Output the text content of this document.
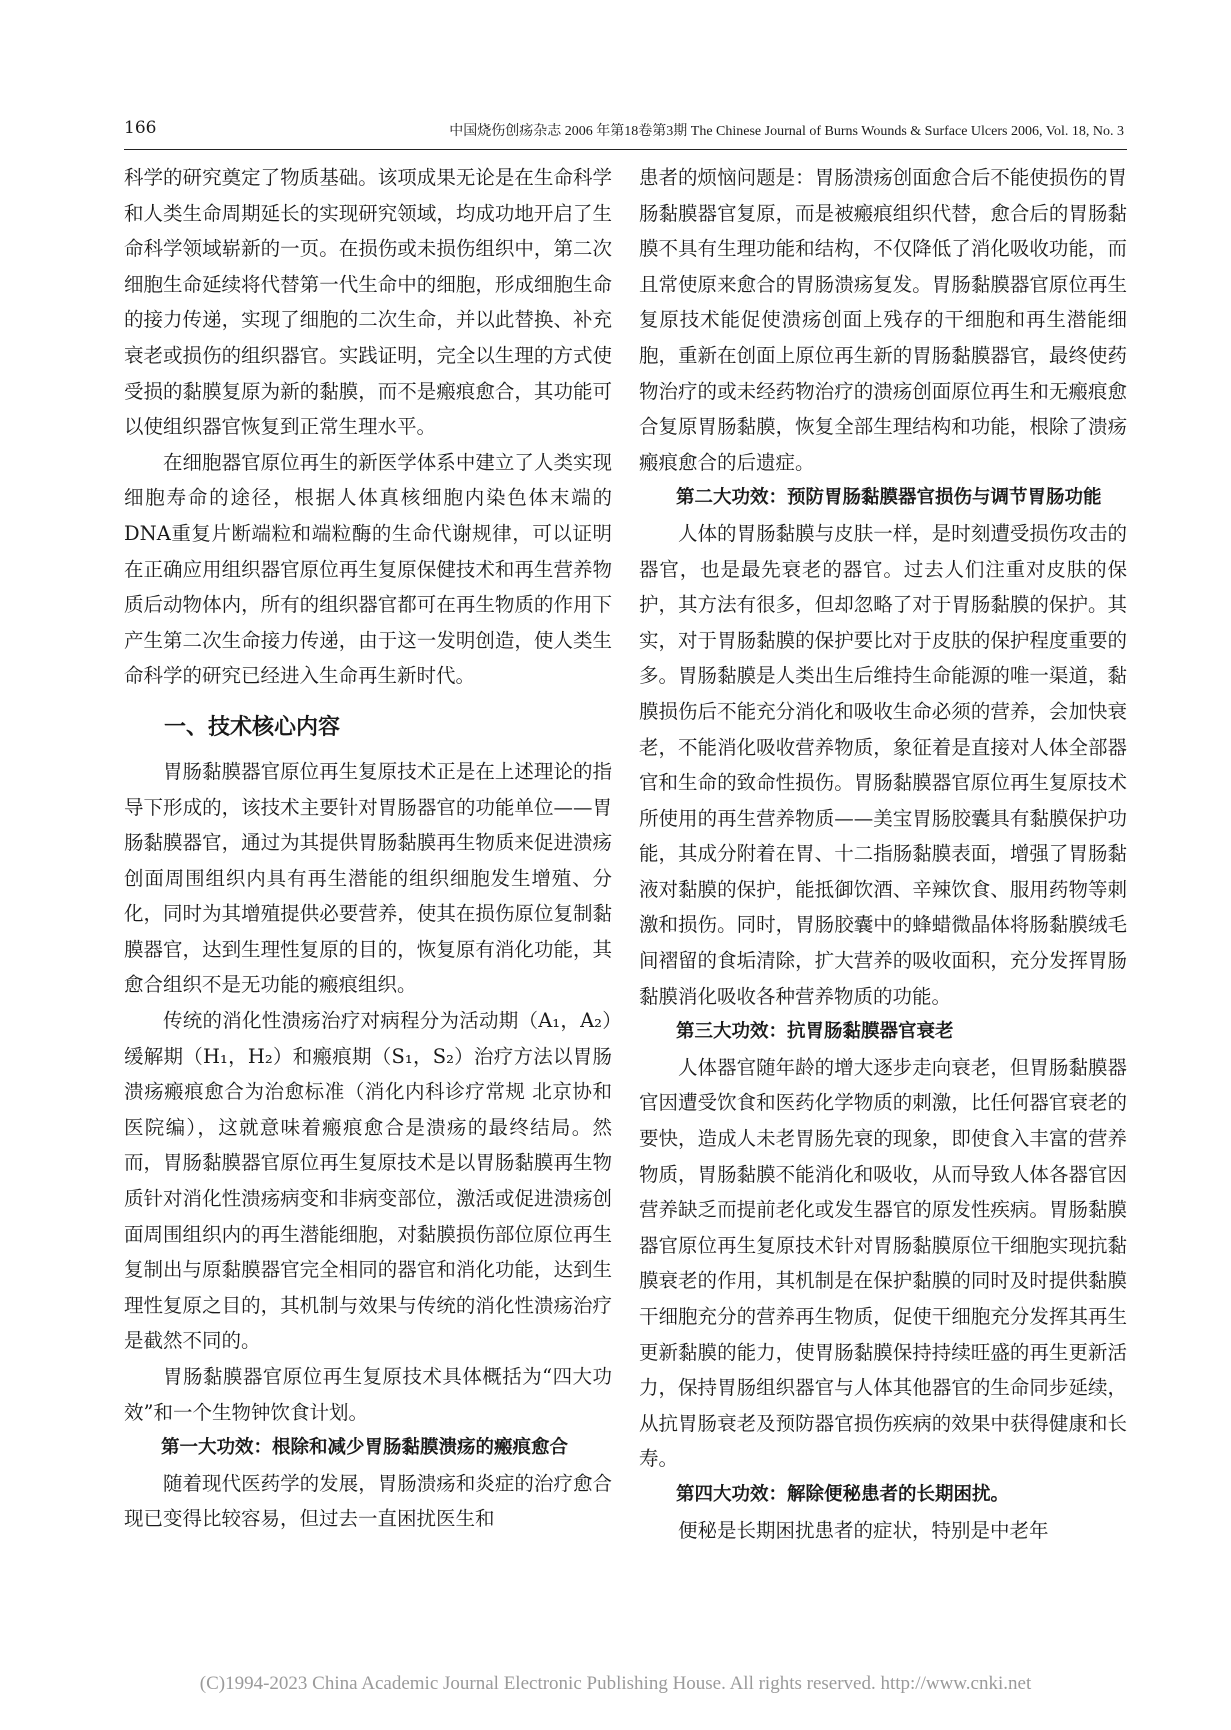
166	中国烧伤创疡杂志 2006 年第18卷第3期 The Chinese Journal of Burns Wounds & Surface Ulcers 2006, Vol. 18, No. 3

科学的研究奠定了物质基础。该项成果无论是在生命科学和人类生命周期延长的实现研究领域，均成功地开启了生命科学领域崭新的一页。在损伤或未损伤组织中，第二次细胞生命延续将代替第一代生命中的细胞，形成细胞生命的接力传递，实现了细胞的二次生命，并以此替换、补充衰老或损伤的组织器官。实践证明，完全以生理的方式使受损的黏膜复原为新的黏膜，而不是瘢痕愈合，其功能可以使组织器官恢复到正常生理水平。

在细胞器官原位再生的新医学体系中建立了人类实现细胞寿命的途径，根据人体真核细胞内染色体末端的DNA重复片断端粒和端粒酶的生命代谢规律，可以证明在正确应用组织器官原位再生复原保健技术和再生营养物质后动物体内，所有的组织器官都可在再生物质的作用下产生第二次生命接力传递，由于这一发明创造，使人类生命科学的研究已经进入生命再生新时代。

一、技术核心内容

胃肠黏膜器官原位再生复原技术正是在上述理论的指导下形成的，该技术主要针对胃肠器官的功能单位——胃肠黏膜器官，通过为其提供胃肠黏膜再生物质来促进溃疡创面周围组织内具有再生潜能的组织细胞发生增殖、分化，同时为其增殖提供必要营养，使其在损伤原位复制黏膜器官，达到生理性复原的目的，恢复原有消化功能，其愈合组织不是无功能的瘢痕组织。

传统的消化性溃疡治疗对病程分为活动期（A₁，A₂）缓解期（H₁，H₂）和瘢痕期（S₁，S₂）治疗方法以胃肠溃疡瘢痕愈合为治愈标准（消化内科诊疗常规 北京协和医院编），这就意味着瘢痕愈合是溃疡的最终结局。然而，胃肠黏膜器官原位再生复原技术是以胃肠黏膜再生物质针对消化性溃疡病变和非病变部位，激活或促进溃疡创面周围组织内的再生潜能细胞，对黏膜损伤部位原位再生复制出与原黏膜器官完全相同的器官和消化功能，达到生理性复原之目的，其机制与效果与传统的消化性溃疡治疗是截然不同的。

胃肠黏膜器官原位再生复原技术具体概括为“四大功效”和一个生物钟饮食计划。

第一大功效：根除和减少胃肠黏膜溃疡的瘢痕愈合

随着现代医药学的发展，胃肠溃疡和炎症的治疗愈合现已变得比较容易，但过去一直困扰医生和

患者的烦恼问题是：胃肠溃疡创面愈合后不能使损伤的胃肠黏膜器官复原，而是被瘢痕组织代替，愈合后的胃肠黏膜不具有生理功能和结构，不仅降低了消化吸收功能，而且常使原来愈合的胃肠溃疡复发。胃肠黏膜器官原位再生复原技术能促使溃疡创面上残存的干细胞和再生潜能细胞，重新在创面上原位再生新的胃肠黏膜器官，最终使药物治疗的或未经药物治疗的溃疡创面原位再生和无瘢痕愈合复原胃肠黏膜，恢复全部生理结构和功能，根除了溃疡瘢痕愈合的后遗症。

第二大功效：预防胃肠黏膜器官损伤与调节胃肠功能

人体的胃肠黏膜与皮肤一样，是时刻遭受损伤攻击的器官，也是最先衰老的器官。过去人们注重对皮肤的保护，其方法有很多，但却忽略了对于胃肠黏膜的保护。其实，对于胃肠黏膜的保护要比对于皮肤的保护程度重要的多。胃肠黏膜是人类出生后维持生命能源的唯一渠道，黏膜损伤后不能充分消化和吸收生命必须的营养，会加快衰老，不能消化吸收营养物质，象征着是直接对人体全部器官和生命的致命性损伤。胃肠黏膜器官原位再生复原技术所使用的再生营养物质——美宝胃肠胶囊具有黏膜保护功能，其成分附着在胃、十二指肠黏膜表面，增强了胃肠黏液对黏膜的保护，能抵御饮酒、辛辣饮食、服用药物等刺激和损伤。同时，胃肠胶囊中的蜂蜡微晶体将肠黏膜绒毛间褶留的食垢清除，扩大营养的吸收面积，充分发挥胃肠黏膜消化吸收各种营养物质的功能。

第三大功效：抗胃肠黏膜器官衰老

人体器官随年龄的增大逐步走向衰老，但胃肠黏膜器官因遭受饮食和医药化学物质的刺激，比任何器官衰老的要快，造成人未老胃肠先衰的现象，即使食入丰富的营养物质，胃肠黏膜不能消化和吸收，从而导致人体各器官因营养缺乏而提前老化或发生器官的原发性疾病。胃肠黏膜器官原位再生复原技术针对胃肠黏膜原位干细胞实现抗黏膜衰老的作用，其机制是在保护黏膜的同时及时提供黏膜干细胞充分的营养再生物质，促使干细胞充分发挥其再生更新黏膜的能力，使胃肠黏膜保持持续旺盛的再生更新活力，保持胃肠组织器官与人体其他器官的生命同步延续，从抗胃肠衰老及预防器官损伤疾病的效果中获得健康和长寿。

第四大功效：解除便秘患者的长期困扰。

便秘是长期困扰患者的症状，特别是中老年

(C)1994-2023 China Academic Journal Electronic Publishing House. All rights reserved. http://www.cnki.net
